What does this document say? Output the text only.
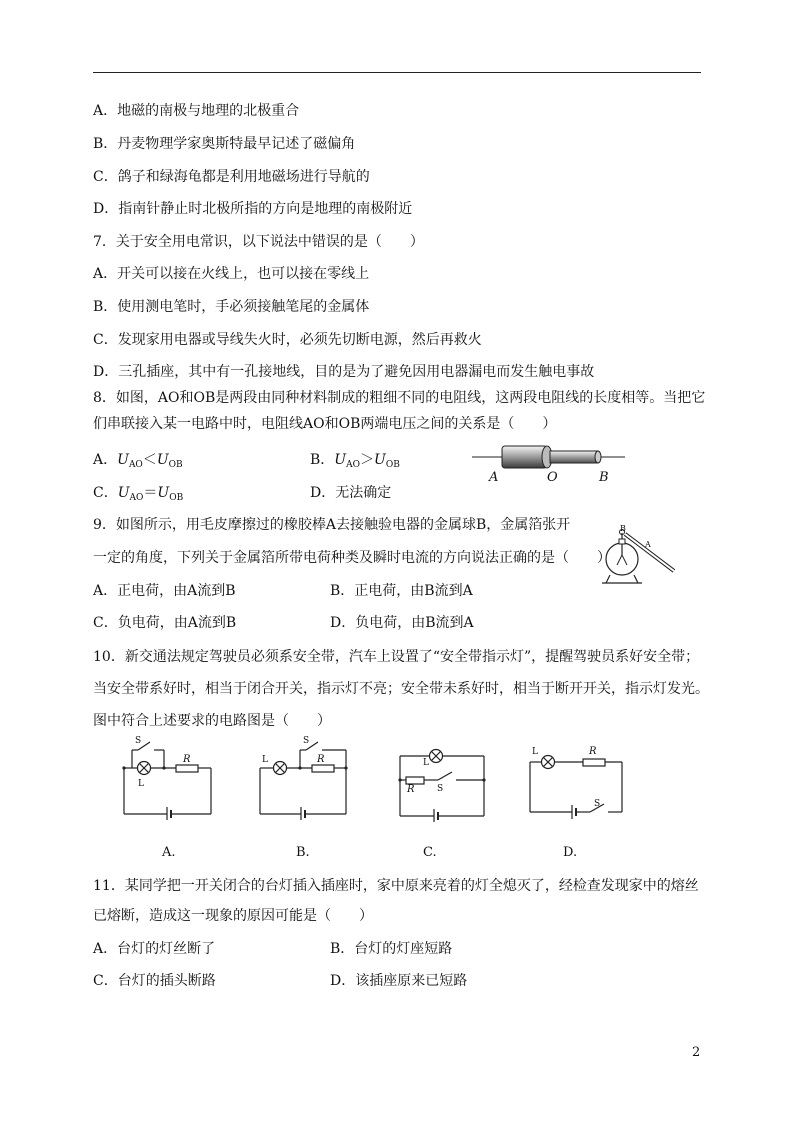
A．地磁的南极与地理的北极重合
B．丹麦物理学家奥斯特最早记述了磁偏角
C．鸽子和绿海龟都是利用地磁场进行导航的
D．指南针静止时北极所指的方向是地理的南极附近
7．关于安全用电常识，以下说法中错误的是（　　）
A．开关可以接在火线上，也可以接在零线上
B．使用测电笔时，手必须接触笔尾的金属体
C．发现家用电器或导线失火时，必须先切断电源，然后再救火
D．三孔插座，其中有一孔接地线，目的是为了避免因用电器漏电而发生触电事故
8．如图，AO和OB是两段由同种材料制成的粗细不同的电阻线，这两段电阻线的长度相等。当把它
们串联接入某一电路中时，电阻线AO和OB两端电压之间的关系是（　　）
A．$U_{AO}<U_{OB}$	B．$U_{AO}>U_{OB}$
C．$U_{AO}=U_{OB}$	D．无法确定
A	O	B
9．如图所示，用毛皮摩擦过的橡胶棒A去接触验电器的金属球B，金属箔张开
一定的角度，下列关于金属箔所带电荷种类及瞬时电流的方向说法正确的是（　　）
A．正电荷，由A流到B	B．正电荷，由B流到A
C．负电荷，由A流到B	D．负电荷，由B流到A
B
A
10．新交通法规定驾驶员必须系安全带，汽车上设置了“安全带指示灯”，提醒驾驶员系好安全带；
当安全带系好时，相当于闭合开关，指示灯不亮；安全带未系好时，相当于断开开关，指示灯发光。
图中符合上述要求的电路图是（　　）
S
L
R	L
S
R	L
R S
L	R
S
A.	B.	C.	D.
11．某同学把一开关闭合的台灯插入插座时，家中原来亮着的灯全熄灭了，经检查发现家中的熔丝
已熔断，造成这一现象的原因可能是（　　）
A．台灯的灯丝断了	B．台灯的灯座短路
C．台灯的插头断路	D．该插座原来已短路
2
